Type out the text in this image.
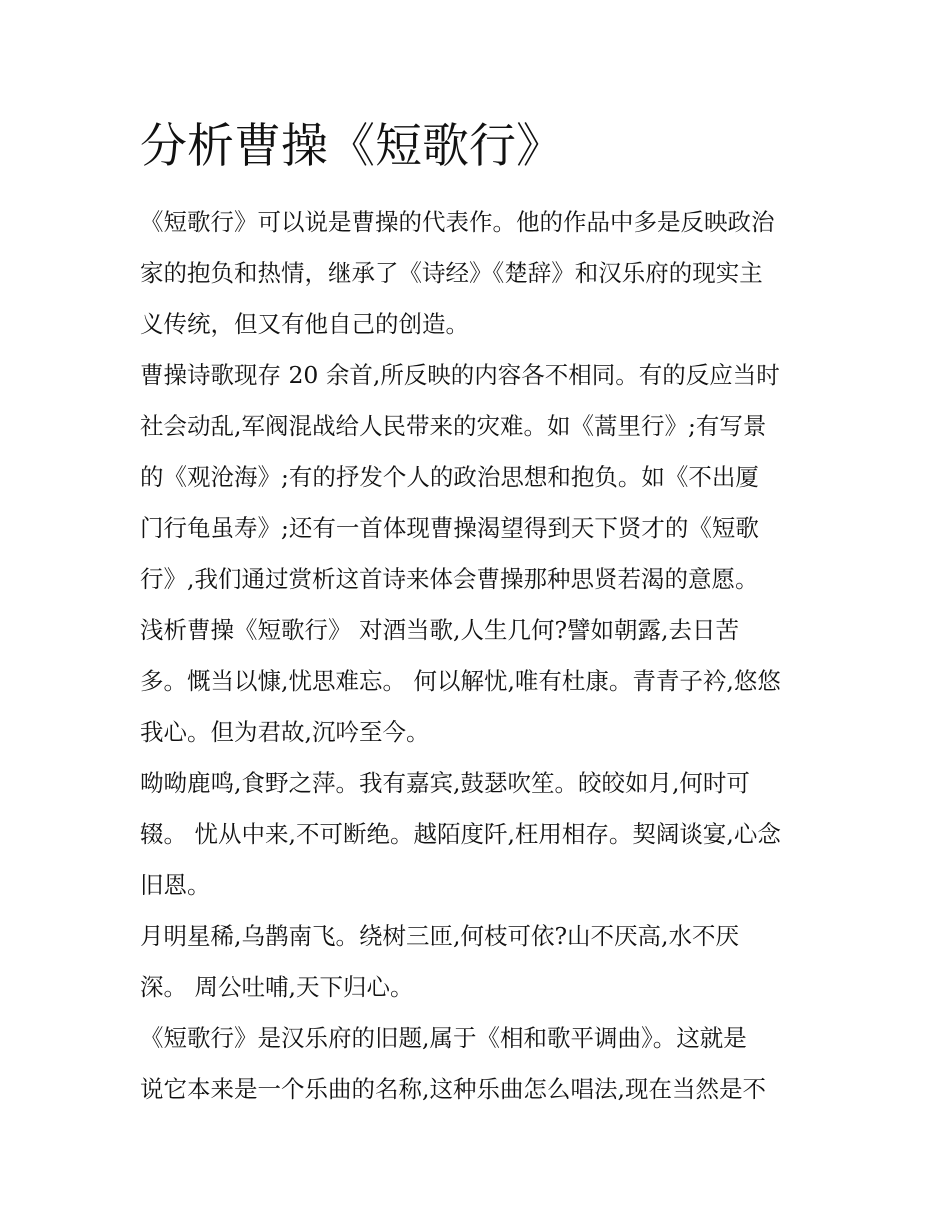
分析曹操《短歌行》

《短歌行》可以说是曹操的代表作。他的作品中多是反映政治

家的抱负和热情，继承了《诗经》《楚辞》和汉乐府的现实主

义传统，但又有他自己的创造。

曹操诗歌现存 20 余首,所反映的内容各不相同。有的反应当时

社会动乱,军阀混战给人民带来的灾难。如《蒿里行》;有写景

的《观沧海》;有的抒发个人的政治思想和抱负。如《不出厦

门行龟虽寿》;还有一首体现曹操渴望得到天下贤才的《短歌

行》,我们通过赏析这首诗来体会曹操那种思贤若渴的意愿。

浅析曹操《短歌行》 对酒当歌,人生几何?譬如朝露,去日苦

多。慨当以慷,忧思难忘。 何以解忧,唯有杜康。青青子衿,悠悠

我心。但为君故,沉吟至今。

呦呦鹿鸣,食野之萍。我有嘉宾,鼓瑟吹笙。皎皎如月,何时可

辍。 忧从中来,不可断绝。越陌度阡,枉用相存。契阔谈宴,心念

旧恩。

月明星稀,乌鹊南飞。绕树三匝,何枝可依?山不厌高,水不厌

深。 周公吐哺,天下归心。

《短歌行》是汉乐府的旧题,属于《相和歌平调曲》。这就是

说它本来是一个乐曲的名称,这种乐曲怎么唱法,现在当然是不
